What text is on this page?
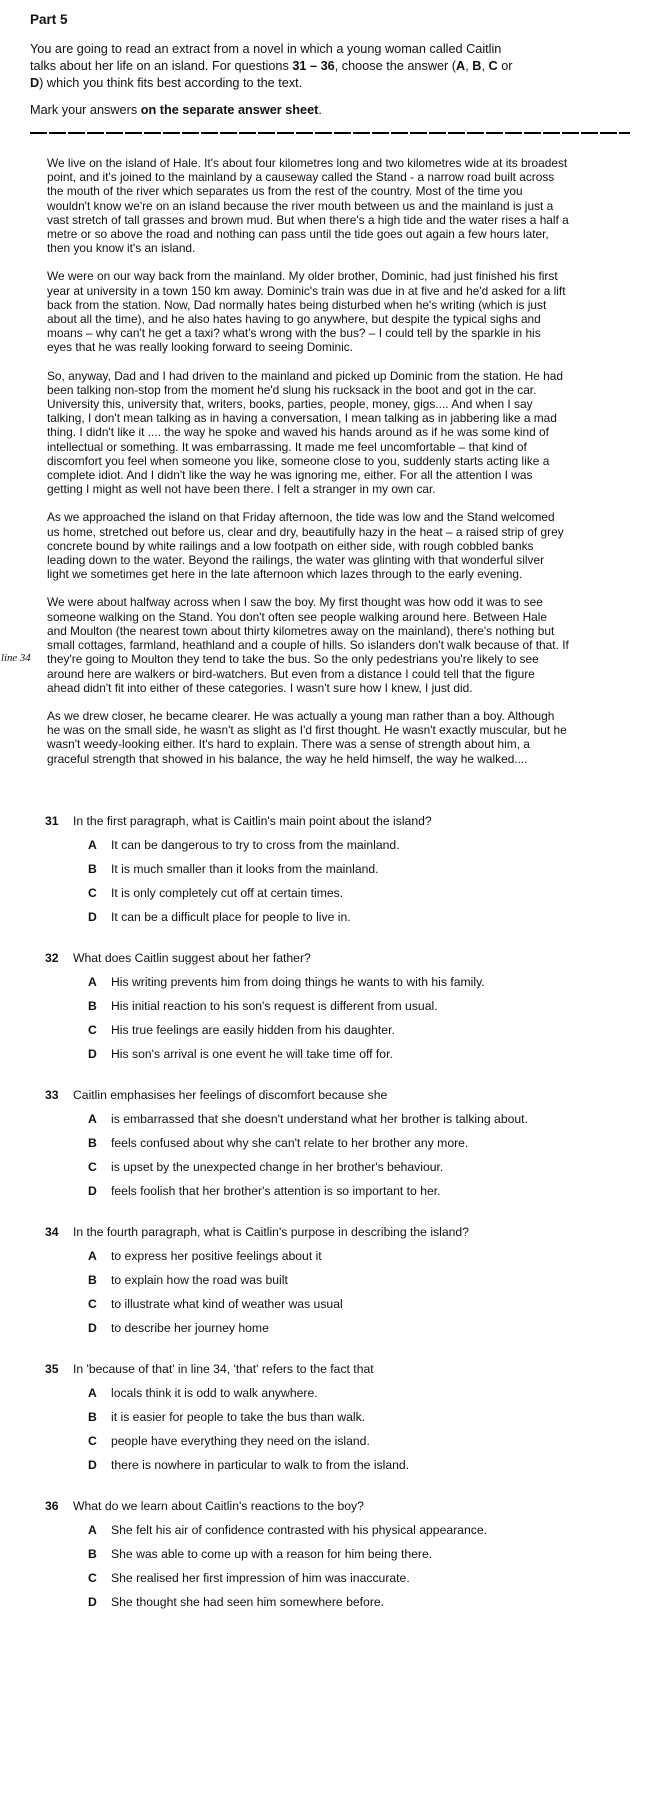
Part 5

You are going to read an extract from a novel in which a young woman called Caitlin talks about her life on an island. For questions 31 – 36, choose the answer (A, B, C or D) which you think fits best according to the text.

Mark your answers on the separate answer sheet.

We live on the island of Hale. It's about four kilometres long and two kilometres wide at its broadest point, and it's joined to the mainland by a causeway called the Stand - a narrow road built across the mouth of the river which separates us from the rest of the country. Most of the time you wouldn't know we're on an island because the river mouth between us and the mainland is just a vast stretch of tall grasses and brown mud. But when there's a high tide and the water rises a half a metre or so above the road and nothing can pass until the tide goes out again a few hours later, then you know it's an island.

We were on our way back from the mainland. My older brother, Dominic, had just finished his first year at university in a town 150 km away. Dominic's train was due in at five and he'd asked for a lift back from the station. Now, Dad normally hates being disturbed when he's writing (which is just about all the time), and he also hates having to go anywhere, but despite the typical sighs and moans – why can't he get a taxi? what's wrong with the bus? – I could tell by the sparkle in his eyes that he was really looking forward to seeing Dominic.

So, anyway, Dad and I had driven to the mainland and picked up Dominic from the station. He had been talking non-stop from the moment he'd slung his rucksack in the boot and got in the car. University this, university that, writers, books, parties, people, money, gigs.... And when I say talking, I don't mean talking as in having a conversation, I mean talking as in jabbering like a mad thing. I didn't like it .... the way he spoke and waved his hands around as if he was some kind of intellectual or something. It was embarrassing. It made me feel uncomfortable – that kind of discomfort you feel when someone you like, someone close to you, suddenly starts acting like a complete idiot. And I didn't like the way he was ignoring me, either. For all the attention I was getting I might as well not have been there. I felt a stranger in my own car.

As we approached the island on that Friday afternoon, the tide was low and the Stand welcomed us home, stretched out before us, clear and dry, beautifully hazy in the heat – a raised strip of grey concrete bound by white railings and a low footpath on either side, with rough cobbled banks leading down to the water. Beyond the railings, the water was glinting with that wonderful silver light we sometimes get here in the late afternoon which lazes through to the early evening.

line 34
We were about halfway across when I saw the boy. My first thought was how odd it was to see someone walking on the Stand. You don't often see people walking around here. Between Hale and Moulton (the nearest town about thirty kilometres away on the mainland), there's nothing but small cottages, farmland, heathland and a couple of hills. So islanders don't walk because of that. If they're going to Moulton they tend to take the bus. So the only pedestrians you're likely to see around here are walkers or bird-watchers. But even from a distance I could tell that the figure ahead didn't fit into either of these categories. I wasn't sure how I knew, I just did.

As we drew closer, he became clearer. He was actually a young man rather than a boy. Although he was on the small side, he wasn't as slight as I'd first thought. He wasn't exactly muscular, but he wasn't weedy-looking either. It's hard to explain. There was a sense of strength about him, a graceful strength that showed in his balance, the way he held himself, the way he walked....

31	In the first paragraph, what is Caitlin's main point about the island?
A	It can be dangerous to try to cross from the mainland.
B	It is much smaller than it looks from the mainland.
C	It is only completely cut off at certain times.
D	It can be a difficult place for people to live in.
32	What does Caitlin suggest about her father?
A	His writing prevents him from doing things he wants to with his family.
B	His initial reaction to his son's request is different from usual.
C	His true feelings are easily hidden from his daughter.
D	His son's arrival is one event he will take time off for.
33	Caitlin emphasises her feelings of discomfort because she
A	is embarrassed that she doesn't understand what her brother is talking about.
B	feels confused about why she can't relate to her brother any more.
C	is upset by the unexpected change in her brother's behaviour.
D	feels foolish that her brother's attention is so important to her.
34	In the fourth paragraph, what is Caitlin's purpose in describing the island?
A	to express her positive feelings about it
B	to explain how the road was built
C	to illustrate what kind of weather was usual
D	to describe her journey home
35	In 'because of that' in line 34, 'that' refers to the fact that
A	locals think it is odd to walk anywhere.
B	it is easier for people to take the bus than walk.
C	people have everything they need on the island.
D	there is nowhere in particular to walk to from the island.
36	What do we learn about Caitlin's reactions to the boy?
A	She felt his air of confidence contrasted with his physical appearance.
B	She was able to come up with a reason for him being there.
C	She realised her first impression of him was inaccurate.
D	She thought she had seen him somewhere before.
